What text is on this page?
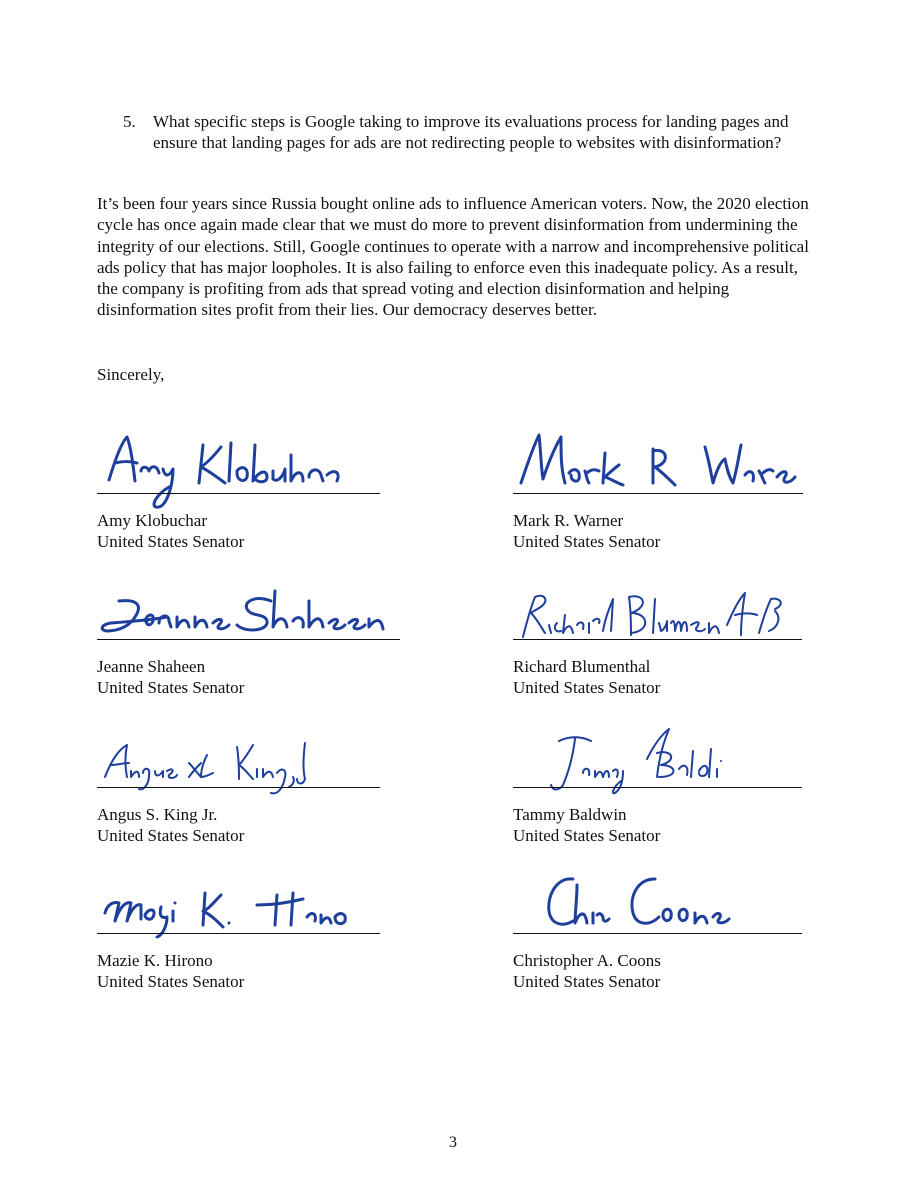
5. What specific steps is Google taking to improve its evaluations process for landing pages and ensure that landing pages for ads are not redirecting people to websites with disinformation?

It’s been four years since Russia bought online ads to influence American voters. Now, the 2020 election cycle has once again made clear that we must do more to prevent disinformation from undermining the integrity of our elections. Still, Google continues to operate with a narrow and incomprehensive political ads policy that has major loopholes. It is also failing to enforce even this inadequate policy. As a result, the company is profiting from ads that spread voting and election disinformation and helping disinformation sites profit from their lies. Our democracy deserves better.

Sincerely,
Amy Klobuchar
United States Senator
Mark R. Warner
United States Senator
Jeanne Shaheen
United States Senator
Richard Blumenthal
United States Senator
Angus S. King Jr.
United States Senator
Tammy Baldwin
United States Senator
Mazie K. Hirono
United States Senator
Christopher A. Coons
United States Senator
3
